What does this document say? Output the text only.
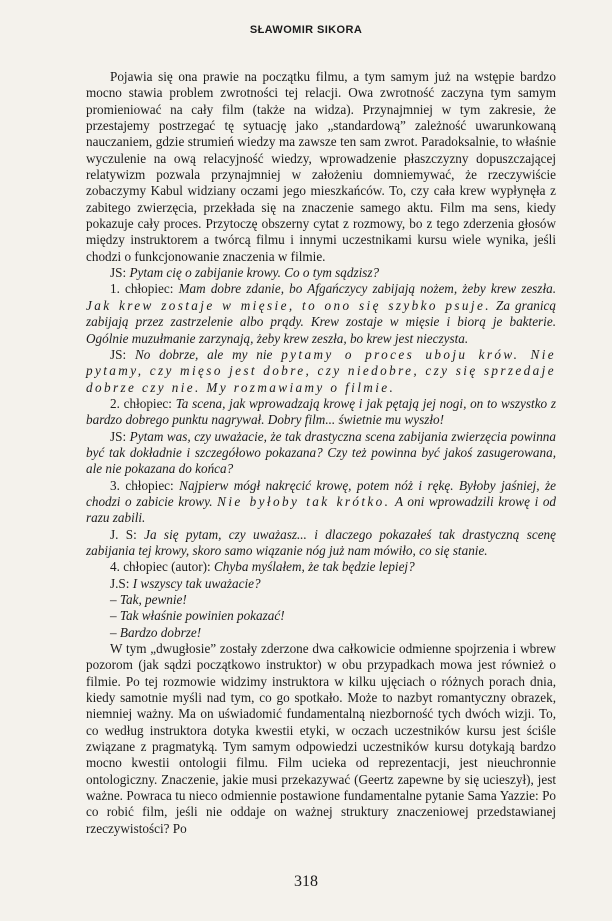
SŁAWOMIR SIKORA

Pojawia się ona prawie na początku filmu, a tym samym już na wstępie bardzo mocno stawia problem zwrotności tej relacji. Owa zwrotność zaczyna tym samym promieniować na cały film (także na widza). Przynajmniej w tym zakresie, że przestajemy postrzegać tę sytuację jako „standardową” zależność uwarunkowaną nauczaniem, gdzie strumień wiedzy ma zawsze ten sam zwrot. Paradoksalnie, to właśnie wyczulenie na ową relacyjność wiedzy, wprowadzenie płaszczyzny dopuszczającej relatywizm pozwala przynajmniej w założeniu domniemywać, że rzeczywiście zobaczymy Kabul widziany oczami jego mieszkańców. To, czy cała krew wypłynęła z zabitego zwierzęcia, przekłada się na znaczenie samego aktu. Film ma sens, kiedy pokazuje cały proces. Przytoczę obszerny cytat z rozmowy, bo z tego zderzenia głosów między instruktorem a twórcą filmu i innymi uczestnikami kursu wiele wynika, jeśli chodzi o funkcjonowanie znaczenia w filmie.

JS: Pytam cię o zabijanie krowy. Co o tym sądzisz?

1. chłopiec: Mam dobre zdanie, bo Afgańczycy zabijają nożem, żeby krew zeszła. Jak krew zostaje w mięsie, to ono się szybko psuje. Za granicą zabijają przez zastrzelenie albo prądy. Krew zostaje w mięsie i biorą je bakterie. Ogólnie muzułmanie zarzynają, żeby krew zeszła, bo krew jest nieczysta.

JS: No dobrze, ale my nie pytamy o proces uboju krów. Nie pytamy, czy mięso jest dobre, czy niedobre, czy się sprzedaje dobrze czy nie. My rozmawiamy o filmie.

2. chłopiec: Ta scena, jak wprowadzają krowę i jak pętają jej nogi, on to wszystko z bardzo dobrego punktu nagrywał. Dobry film... świetnie mu wyszło!

JS: Pytam was, czy uważacie, że tak drastyczna scena zabijania zwierzęcia powinna być tak dokładnie i szczegółowo pokazana? Czy też powinna być jakoś zasugerowana, ale nie pokazana do końca?

3. chłopiec: Najpierw mógł nakręcić krowę, potem nóż i rękę. Byłoby jaśniej, że chodzi o zabicie krowy. Nie byłoby tak krótko. A oni wprowadzili krowę i od razu zabili.

J. S: Ja się pytam, czy uważasz... i dlaczego pokazałeś tak drastyczną scenę zabijania tej krowy, skoro samo wiązanie nóg już nam mówiło, co się stanie.

4. chłopiec (autor): Chyba myślałem, że tak będzie lepiej?

J.S: I wszyscy tak uważacie?

– Tak, pewnie!

– Tak właśnie powinien pokazać!

– Bardzo dobrze!

W tym „dwugłosie” zostały zderzone dwa całkowicie odmienne spojrzenia i wbrew pozorom (jak sądzi początkowo instruktor) w obu przypadkach mowa jest również o filmie. Po tej rozmowie widzimy instruktora w kilku ujęciach o różnych porach dnia, kiedy samotnie myśli nad tym, co go spotkało. Może to nazbyt romantyczny obrazek, niemniej ważny. Ma on uświadomić fundamentalną niezborność tych dwóch wizji. To, co według instruktora dotyka kwestii etyki, w oczach uczestników kursu jest ściśle związane z pragmatyką. Tym samym odpowiedzi uczestników kursu dotykają bardzo mocno kwestii ontologii filmu. Film ucieka od reprezentacji, jest nieuchronnie ontologiczny. Znaczenie, jakie musi przekazywać (Geertz zapewne by się ucieszył), jest ważne. Powraca tu nieco odmiennie postawione fundamentalne pytanie Sama Yazzie: Po co robić film, jeśli nie oddaje on ważnej struktury znaczeniowej przedstawianej rzeczywistości? Po

318
